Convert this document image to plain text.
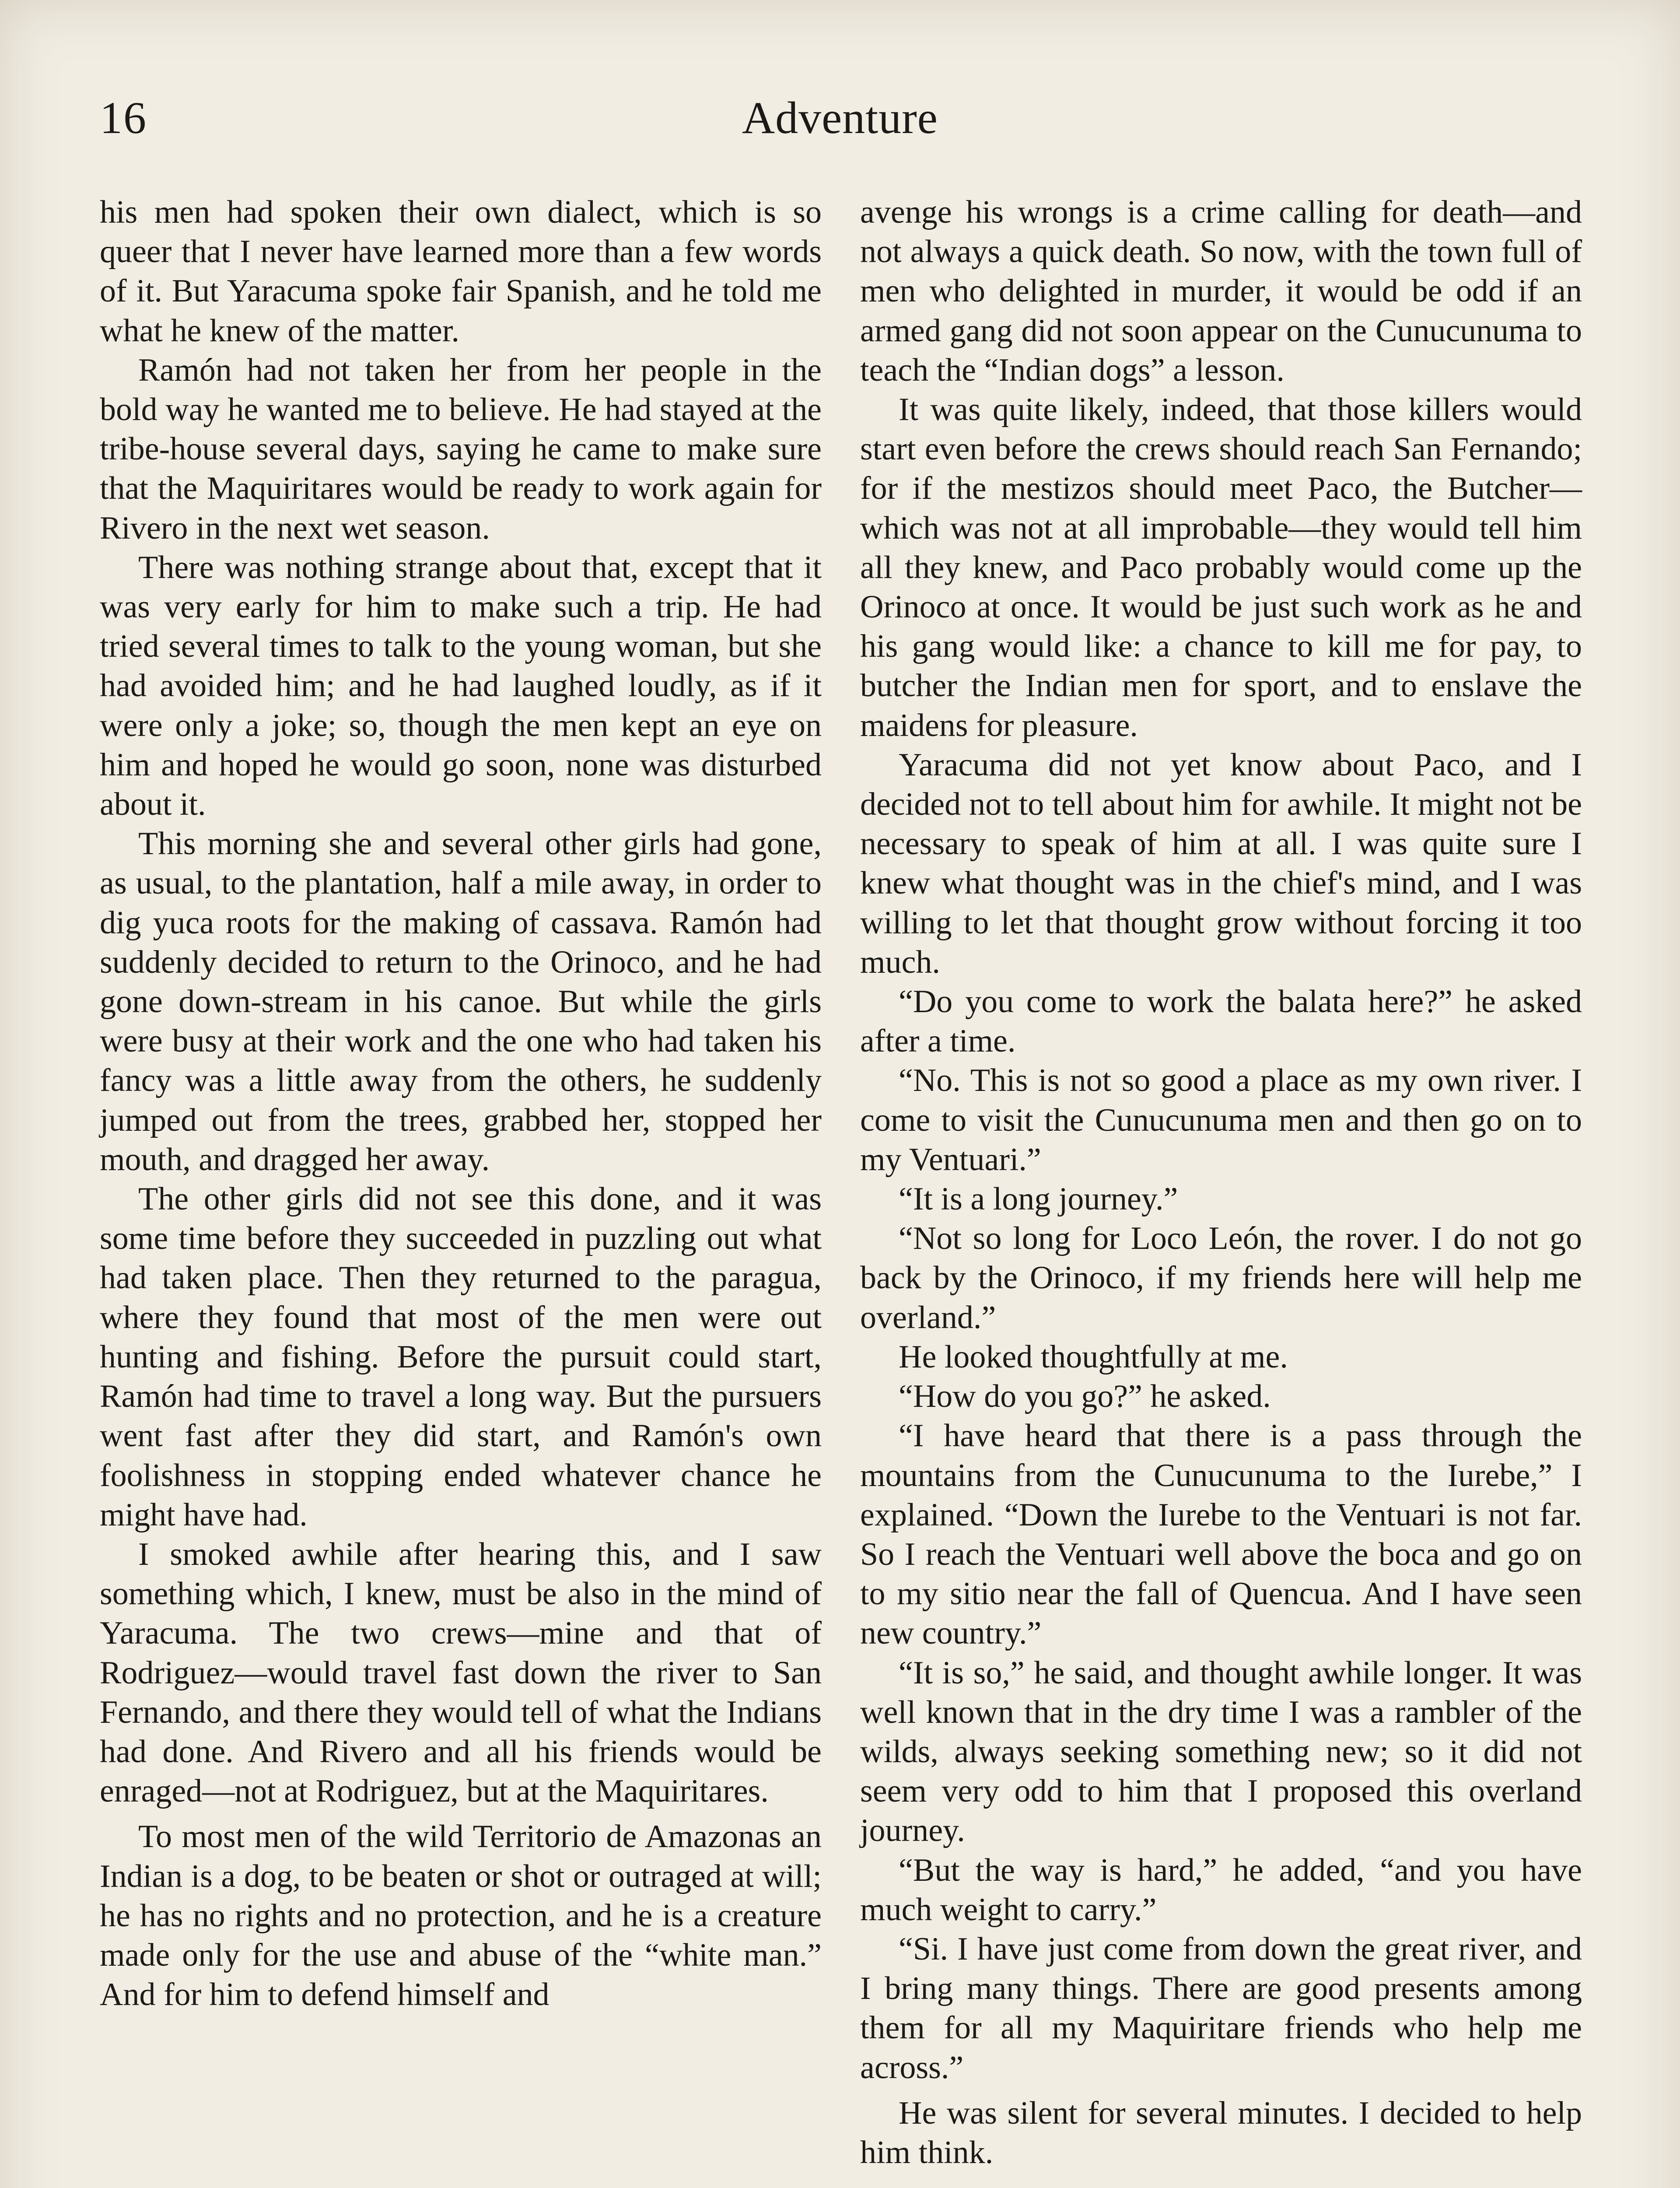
16	Adventure

his men had spoken their own dialect, which is so queer that I never have learned more than a few words of it. But Yaracuma spoke fair Spanish, and he told me what he knew of the matter.

Ramón had not taken her from her people in the bold way he wanted me to believe. He had stayed at the tribe-house several days, saying he came to make sure that the Maquiritares would be ready to work again for Rivero in the next wet season.

There was nothing strange about that, except that it was very early for him to make such a trip. He had tried several times to talk to the young woman, but she had avoided him; and he had laughed loudly, as if it were only a joke; so, though the men kept an eye on him and hoped he would go soon, none was disturbed about it.

This morning she and several other girls had gone, as usual, to the plantation, half a mile away, in order to dig yuca roots for the making of cassava. Ramón had suddenly decided to return to the Orinoco, and he had gone down-stream in his canoe. But while the girls were busy at their work and the one who had taken his fancy was a little away from the others, he suddenly jumped out from the trees, grabbed her, stopped her mouth, and dragged her away.

The other girls did not see this done, and it was some time before they succeeded in puzzling out what had taken place. Then they returned to the paragua, where they found that most of the men were out hunting and fishing. Before the pursuit could start, Ramón had time to travel a long way. But the pursuers went fast after they did start, and Ramón's own foolishness in stopping ended whatever chance he might have had.

I smoked awhile after hearing this, and I saw something which, I knew, must be also in the mind of Yaracuma. The two crews—mine and that of Rodriguez—would travel fast down the river to San Fernando, and there they would tell of what the Indians had done. And Rivero and all his friends would be enraged—not at Rodriguez, but at the Maquiritares.

To most men of the wild Territorio de Amazonas an Indian is a dog, to be beaten or shot or outraged at will; he has no rights and no protection, and he is a creature made only for the use and abuse of the “white man.” And for him to defend himself and

avenge his wrongs is a crime calling for death—and not always a quick death. So now, with the town full of men who delighted in murder, it would be odd if an armed gang did not soon appear on the Cunucunuma to teach the “Indian dogs” a lesson.

It was quite likely, indeed, that those killers would start even before the crews should reach San Fernando; for if the mestizos should meet Paco, the Butcher—which was not at all improbable—they would tell him all they knew, and Paco probably would come up the Orinoco at once. It would be just such work as he and his gang would like: a chance to kill me for pay, to butcher the Indian men for sport, and to enslave the maidens for pleasure.

Yaracuma did not yet know about Paco, and I decided not to tell about him for awhile. It might not be necessary to speak of him at all. I was quite sure I knew what thought was in the chief's mind, and I was willing to let that thought grow without forcing it too much.

“Do you come to work the balata here?” he asked after a time.

“No. This is not so good a place as my own river. I come to visit the Cunucunuma men and then go on to my Ventuari.”

“It is a long journey.”

“Not so long for Loco León, the rover. I do not go back by the Orinoco, if my friends here will help me overland.”

He looked thoughtfully at me.

“How do you go?” he asked.

“I have heard that there is a pass through the mountains from the Cunucunuma to the Iurebe,” I explained. “Down the Iurebe to the Ventuari is not far. So I reach the Ventuari well above the boca and go on to my sitio near the fall of Quencua. And I have seen new country.”

“It is so,” he said, and thought awhile longer. It was well known that in the dry time I was a rambler of the wilds, always seeking something new; so it did not seem very odd to him that I proposed this overland journey.

“But the way is hard,” he added, “and you have much weight to carry.”

“Si. I have just come from down the great river, and I bring many things. There are good presents among them for all my Maquiritare friends who help me across.”

He was silent for several minutes. I decided to help him think.
